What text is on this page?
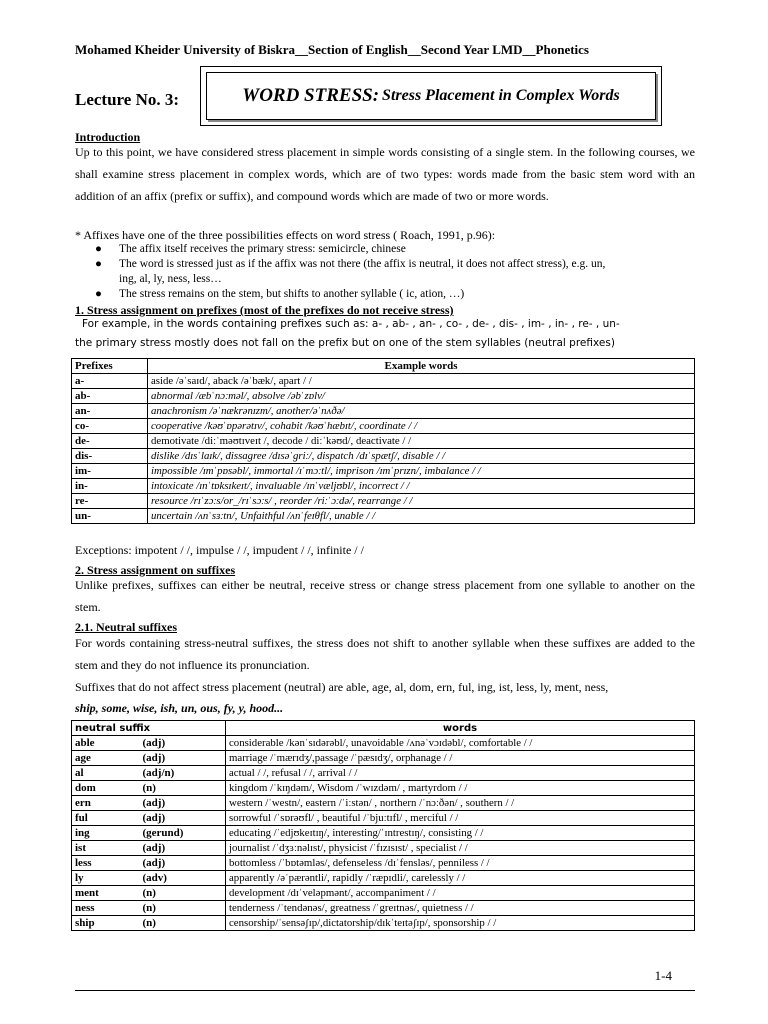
Mohamed Kheider University of Biskra__Section of English__Second Year LMD__Phonetics
Lecture No. 3:	WORD STRESS:
Stress Placement in Complex Words
Introduction
Up to this point, we have considered stress placement in simple words consisting of a single stem. In the following courses, we shall examine stress placement in complex words, which are of two types: words made from the basic stem word with an addition of an affix (prefix or suffix), and compound words which are made of two or more words.
* Affixes have one of the three possibilities effects on word stress ( Roach, 1991, p.96):
● The affix itself receives the primary stress: semicircle, chinese
● The word is stressed just as if the affix was not there (the affix is neutral, it does not affect stress), e.g. un,
ing, al, ly, ness, less…
● The stress remains on the stem, but shifts to another syllable ( ic, ation, …)
1. Stress assignment on prefixes (most of the prefixes do not receive stress)
For example, in the words containing prefixes such as: a- , ab- , an- , co- , de- , dis- , im- , in- , re- , un-
the primary stress mostly does not fall on the prefix but on one of the stem syllables (neutral prefixes)
Prefixes	Example words
a-	aside /əˈsaɪd/, aback /əˈbæk/, apart / /
ab-	abnormal /æbˈnɔːməl/, absolve /əbˈzɒlv/
an-	anachronism /əˈnækrənɪzm/, another/əˈnʌðə/
co-	cooperative /kəʊˈɒpərətɪv/, cohabit /kəʊˈhæbɪt/, coordinate / /
de-	demotivate /diːˈməʊtɪveɪt /, decode / diːˈkəʊd/, deactivate / /
dis-	dislike /dɪsˈlaɪk/, dissagree /dɪsəˈgriː/, dispatch /dɪˈspætʃ/, disable / /
im-	impossible /ɪmˈpɒsəbl/, immortal /ɪˈmɔːtl/, imprison /ɪmˈprɪzn/, imbalance / /
in-	intoxicate /ɪnˈtɒksɪkeɪt/, invaluable /ɪnˈvæljʊbl/, incorrect / /
re-	resource /rɪˈzɔːs/or_/rɪˈsɔːs/ , reorder /riːˈɔːdə/, rearrange / /
un-	uncertain /ʌnˈsɜːtn/, Unfaithful /ʌnˈfeɪθfl/, unable / /
Exceptions: impotent / /, impulse / /, impudent / /, infinite / /
2. Stress assignment on suffixes
Unlike prefixes, suffixes can either be neutral, receive stress or change stress placement from one syllable to another on the stem.
2.1. Neutral suffixes
For words containing stress-neutral suffixes, the stress does not shift to another syllable when these suffixes are added to the stem and they do not influence its pronunciation.
Suffixes that do not affect stress placement (neutral) are able, age, al, dom, ern, ful, ing, ist, less, ly, ment, ness,
ship, some, wise, ish, un, ous, fy, y, hood...
neutral suffix		words
able	(adj)	considerable /kənˈsɪdərəbl/, unavoidable /ʌnəˈvɔɪdəbl/, comfortable / /
age	(adj)	marriage /ˈmærɪdʒ/,passage /ˈpæsɪdʒ/, orphanage / /
al	(adj/n)	actual / /, refusal / /, arrival / /
dom	(n)	kingdom /ˈkɪŋdəm/, Wisdom /ˈwɪzdəm/ , martyrdom / /
ern	(adj)	western /ˈwestn/, eastern /ˈiːstən/ , northern /ˈnɔːðən/ , southern / /
ful	(adj)	sorrowful /ˈsɒrəʊfl/ , beautiful /ˈbjuːtɪfl/ , merciful / /
ing	(gerund)	educating /ˈedjʊkeɪtɪŋ/, interesting/ˈɪntrestɪŋ/, consisting / /
ist	(adj)	journalist /ˈdʒɜːnəlɪst/, physicist /ˈfɪzɪsɪst/ , specialist / /
less	(adj)	bottomless /ˈbɒtəmləs/, defenseless /dɪˈfensləs/, penniless / /
ly	(adv)	apparently /əˈpærəntli/, rapidly /ˈræpɪdli/, carelessly / /
ment	(n)	development /dɪˈveləpmənt/, accompaniment / /
ness	(n)	tenderness /ˈtendənəs/, greatness /ˈgreɪtnəs/, quietness / /
ship	(n)	censorship/ˈsensəʃɪp/,dictatorship/dɪkˈteɪtəʃɪp/, sponsorship / /
1-4
